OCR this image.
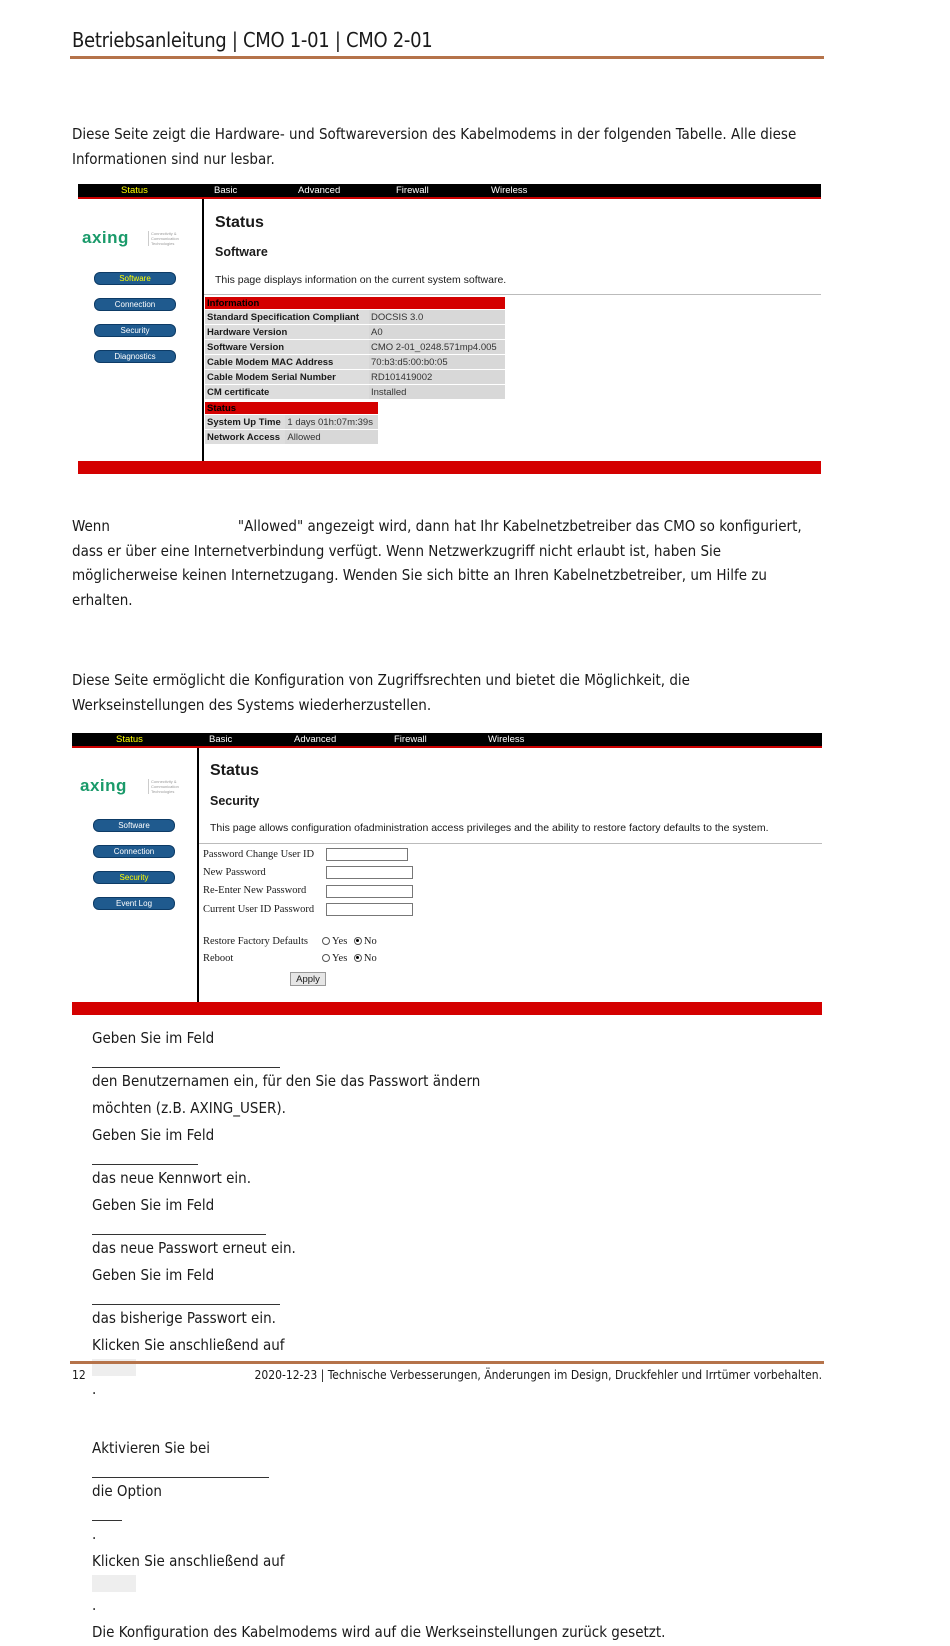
Betriebsanleitung | CMO 1-01 | CMO 2-01
Diese Seite zeigt die Hardware- und Softwareversion des Kabelmodems in der folgenden Tabelle. Alle diese
Informationen sind nur lesbar.
Status	Basic	Advanced	Firewall	Wireless
axing	Connectivity & Communication Technologies
Software
Connection
Security
Diagnostics
Status
Software
This page displays information on the current system software.
Information	
Standard Specification Compliant	DOCSIS 3.0
Hardware Version	A0
Software Version	CMO 2-01_0248.571mp4.005
Cable Modem MAC Address	70:b3:d5:00:b0:05
Cable Modem Serial Number	RD101419002
CM certificate	Installed
Status	
System Up Time	1 days 01h:07m:39s
Network Access	Allowed
Wenn	"Allowed" angezeigt wird, dann hat Ihr Kabelnetzbetreiber das CMO so konfiguriert,
dass er über eine Internetverbindung verfügt. Wenn Netzwerkzugriff nicht erlaubt ist, haben Sie
möglicherweise keinen Internetzugang. Wenden Sie sich bitte an Ihren Kabelnetzbetreiber, um Hilfe zu
erhalten.
Diese Seite ermöglicht die Konfiguration von Zugriffsrechten und bietet die Möglichkeit, die
Werkseinstellungen des Systems wiederherzustellen.
Status	Basic	Advanced	Firewall	Wireless
axing	Connectivity & Communication Technologies
Software
Connection
Security
Event Log
Status
Security
This page allows configuration ofadministration access privileges and the ability to restore factory defaults to the system.
Password Change User ID
New Password
Re-Enter New Password
Current User ID Password
Restore Factory Defaults	Yes No
Reboot	Yes No
Apply
Geben Sie im Feld
den Benutzernamen ein, für den Sie das Passwort ändern
möchten (z.B. AXING_USER).
Geben Sie im Feld
das neue Kennwort ein.
Geben Sie im Feld
das neue Passwort erneut ein.
Geben Sie im Feld
das bisherige Passwort ein.
Klicken Sie anschließend auf
.
Aktivieren Sie bei
die Option
.
Klicken Sie anschließend auf
.
Die Konfiguration des Kabelmodems wird auf die Werkseinstellungen zurück gesetzt.
12	2020-12-23 | Technische Verbesserungen, Änderungen im Design, Druckfehler und Irrtümer vorbehalten.
